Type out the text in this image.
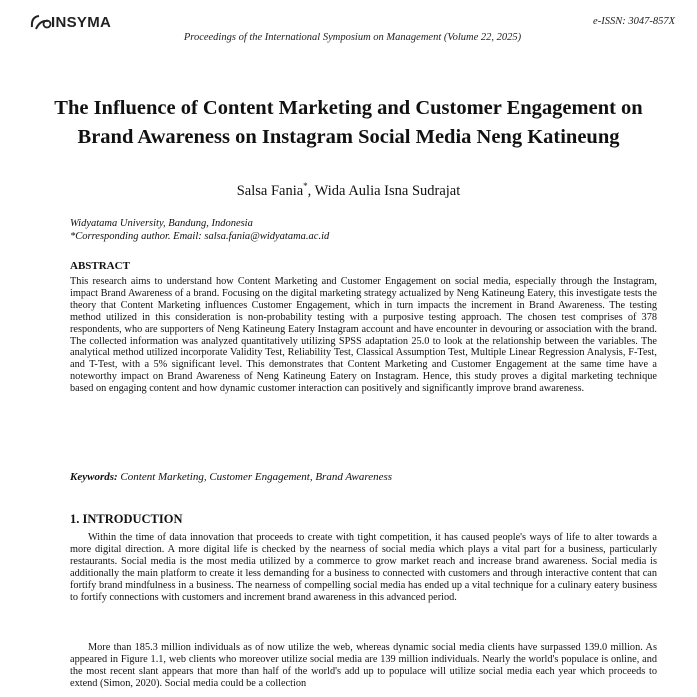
INSYMA	e-ISSN: 3047-857X
Proceedings of the International Symposium on Management (Volume 22, 2025)
The Influence of Content Marketing and Customer Engagement on Brand Awareness on Instagram Social Media Neng Katineung
Salsa Fania*, Wida Aulia Isna Sudrajat
Widyatama University, Bandung, Indonesia
*Corresponding author. Email: salsa.fania@widyatama.ac.id
ABSTRACT

This research aims to understand how Content Marketing and Customer Engagement on social media, especially through the Instagram, impact Brand Awareness of a brand. Focusing on the digital marketing strategy actualized by Neng Katineung Eatery, this investigate tests the theory that Content Marketing influences Customer Engagement, which in turn impacts the increment in Brand Awareness. The testing method utilized in this consideration is non-probability testing with a purposive testing approach. The chosen test comprises of 378 respondents, who are supporters of Neng Katineung Eatery Instagram account and have encounter in devouring or association with the brand. The collected information was analyzed quantitatively utilizing SPSS adaptation 25.0 to look at the relationship between the variables. The analytical method utilized incorporate Validity Test, Reliability Test, Classical Assumption Test, Multiple Linear Regression Analysis, F-Test, and T-Test, with a 5% significant level. This demonstrates that Content Marketing and Customer Engagement at the same time have a noteworthy impact on Brand Awareness of Neng Katineung Eatery on Instagram. Hence, this study proves a digital marketing technique based on engaging content and how dynamic customer interaction can positively and significantly improve brand awareness.

Keywords: Content Marketing, Customer Engagement, Brand Awareness
1. INTRODUCTION

Within the time of data innovation that proceeds to create with tight competition, it has caused people's ways of life to alter towards a more digital direction. A more digital life is checked by the nearness of social media which plays a vital part for a business, particularly restaurants. Social media is the most media utilized by a commerce to grow market reach and increase brand awareness. Social media is additionally the main platform to create it less demanding for a business to connected with customers and through interactive content that can fortify brand mindfulness in a business. The nearness of compelling social media has ended up a vital technique for a culinary eatery business to fortify connections with customers and increment brand awareness in this advanced period.

More than 185.3 million individuals as of now utilize the web, whereas dynamic social media clients have surpassed 139.0 million. As appeared in Figure 1.1, web clients who moreover utilize social media are 139 million individuals. Nearly the world's populace is online, and the most recent slant appears that more than half of the world's add up to populace will utilize social media each year which proceeds to extend (Simon, 2020). Social media could be a collection
